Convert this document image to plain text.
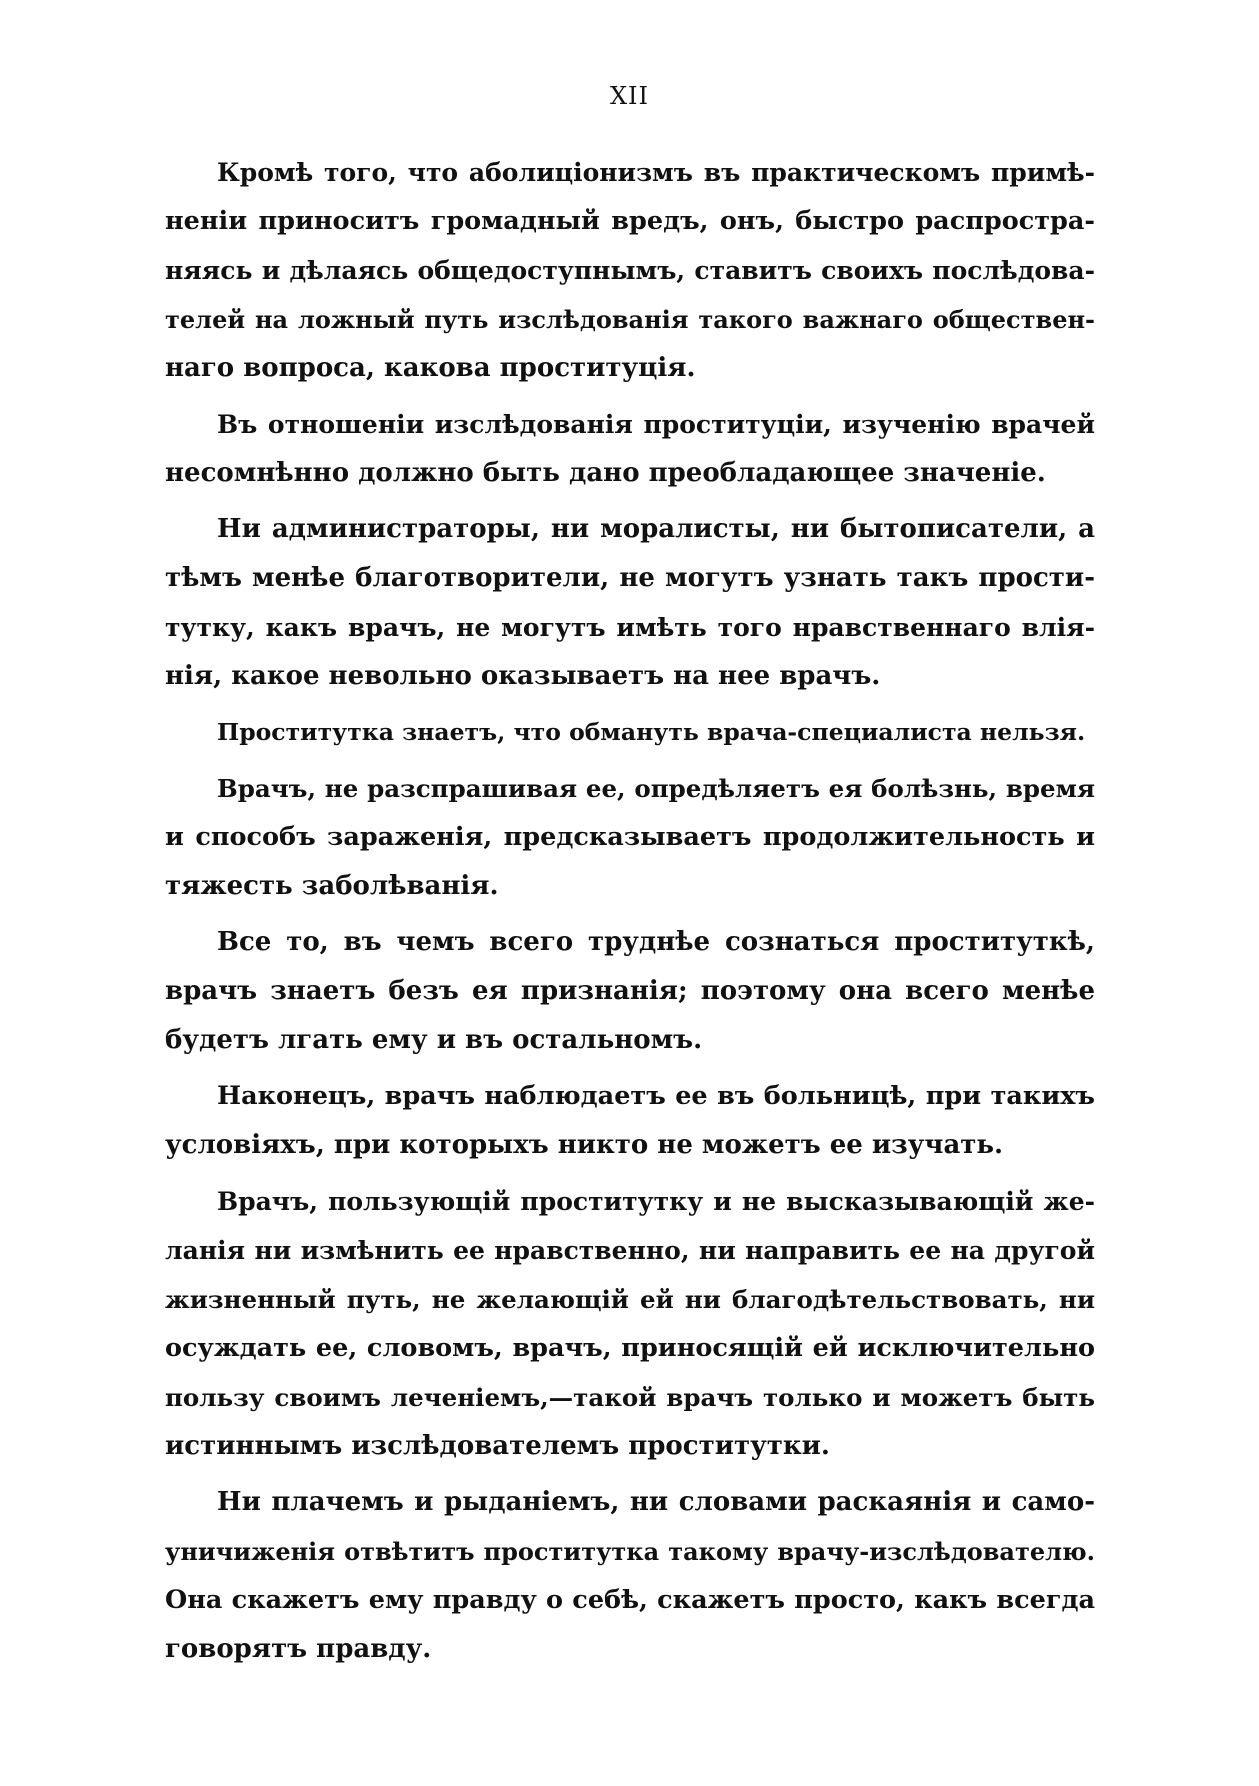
XII
Кромѣ того, что аболиціонизмъ въ практическомъ примѣ-
неніи приноситъ громадный вредъ, онъ, быстро распростра-
няясь и дѣлаясь общедоступнымъ, ставитъ своихъ послѣдова-
телей на ложный путь изслѣдованія такого важнаго обществен-
наго вопроса, какова проституція.
Въ отношеніи изслѣдованія проституціи, изученію врачей
несомнѣнно должно быть дано преобладающее значеніе.
Ни администраторы, ни моралисты, ни бытописатели, а
тѣмъ менѣе благотворители, не могутъ узнать такъ прости-
тутку, какъ врачъ, не могутъ имѣть того нравственнаго влія-
нія, какое невольно оказываетъ на нее врачъ.
Проститутка знаетъ, что обмануть врача-специалиста нельзя.
Врачъ, не разспрашивая ее, опредѣляетъ ея болѣзнь, время
и способъ зараженія, предсказываетъ продолжительность и
тяжесть заболѣванія.
Все то, въ чемъ всего труднѣе сознаться проституткѣ,
врачъ знаетъ безъ ея признанія; поэтому она всего менѣе
будетъ лгать ему и въ остальномъ.
Наконецъ, врачъ наблюдаетъ ее въ больницѣ, при такихъ
условіяхъ, при которыхъ никто не можетъ ее изучать.
Врачъ, пользующій проститутку и не высказывающій же-
ланія ни измѣнить ее нравственно, ни направить ее на другой
жизненный путь, не желающій ей ни благодѣтельствовать, ни
осуждать ее, словомъ, врачъ, приносящій ей исключительно
пользу своимъ леченіемъ,—такой врачъ только и можетъ быть
истиннымъ изслѣдователемъ проститутки.
Ни плачемъ и рыданіемъ, ни словами раскаянія и само-
уничиженія отвѣтитъ проститутка такому врачу-изслѣдователю.
Она скажетъ ему правду о себѣ, скажетъ просто, какъ всегда
говорятъ правду.
